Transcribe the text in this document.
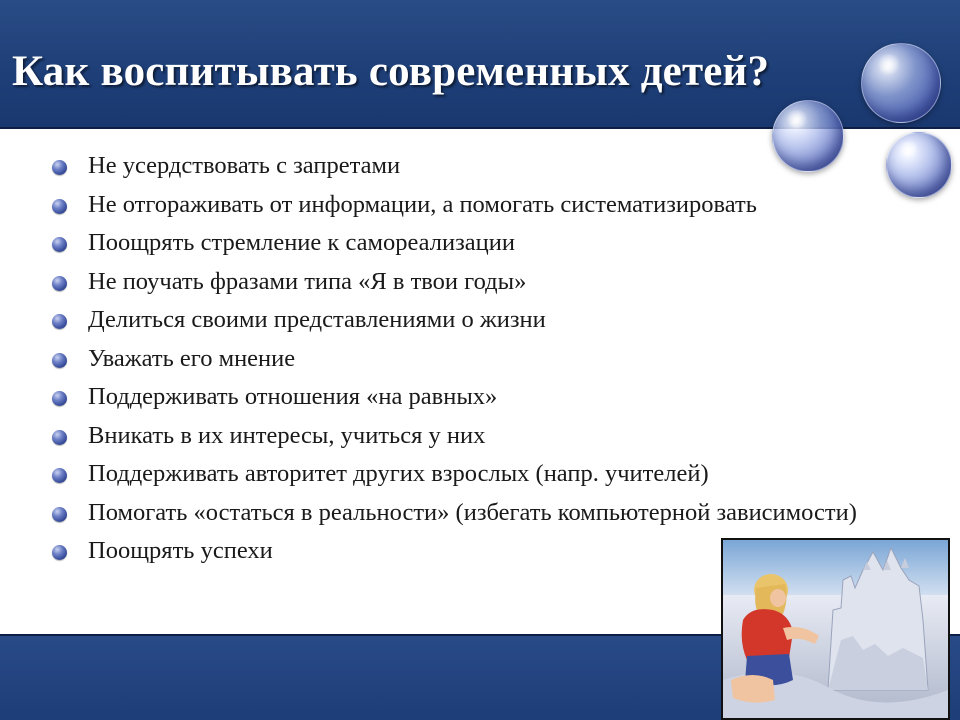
Как воспитывать современных детей?
Не усердствовать с запретами
Не отгораживать от информации, а помогать систематизировать
Поощрять стремление к самореализации
Не поучать фразами типа «Я в твои годы»
Делиться своими представлениями о жизни
Уважать его мнение
Поддерживать отношения «на равных»
Вникать в их интересы, учиться у них
Поддерживать авторитет других взрослых (напр. учителей)
Помогать «остаться в реальности» (избегать компьютерной зависимости)
Поощрять успехи
